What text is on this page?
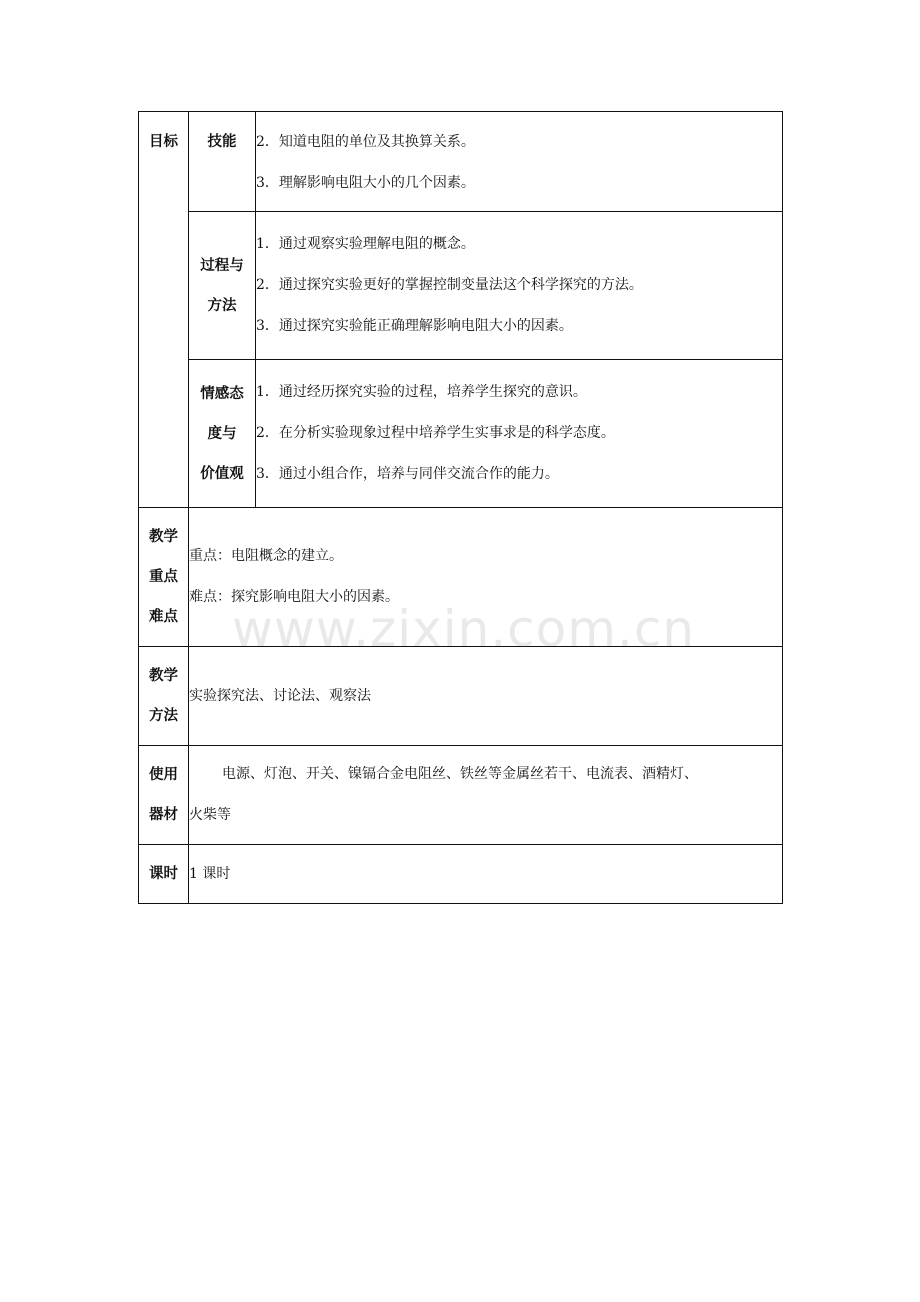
目标	技能	2．知道电阻的单位及其换算关系。
3．理解影响电阻大小的几个因素。

	过程与
方法	1．通过观察实验理解电阻的概念。
2．通过探究实验更好的掌握控制变量法这个科学探究的方法。
3．通过探究实验能正确理解影响电阻大小的因素。

	情感态
度与
价值观	1．通过经历探究实验的过程，培养学生探究的意识。
2．在分析实验现象过程中培养学生实事求是的科学态度。
3．通过小组合作，培养与同伴交流合作的能力。

教学
重点
难点	重点：电阻概念的建立。
难点：探究影响电阻大小的因素。	

教学
方法	实验探究法、讨论法、观察法	

使用
器材	电源、灯泡、开关、镍镉合金电阻丝、铁丝等金属丝若干、电流表、酒精灯、
火柴等	

课时	1 课时	
www.zixin.com.cn
